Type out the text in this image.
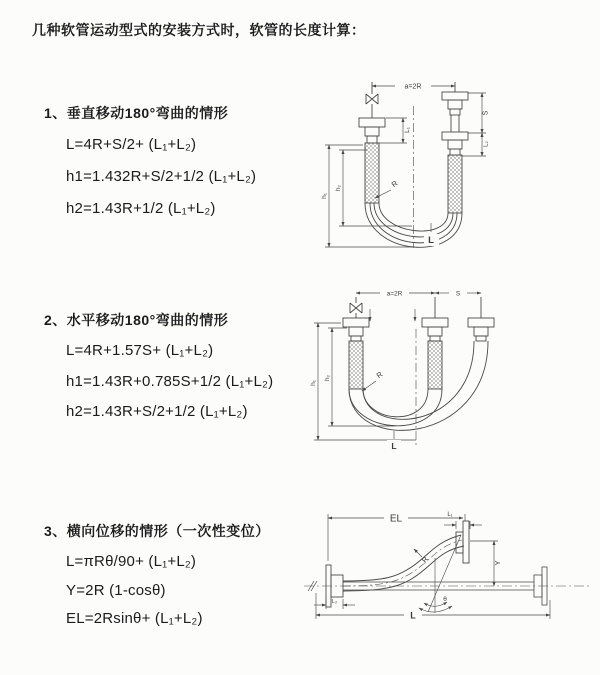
几种软管运动型式的安装方式时，软管的长度计算：
1、垂直移动180°弯曲的情形
L=4R+S/2+ (L₁+L₂)
h1=1.432R+S/2+1/2 (L₁+L₂)
h2=1.43R+1/2 (L₁+L₂)
a=2R
L₁
S
L₂
h₁
h₂	R
L
2、水平移动180°弯曲的情形
L=4R+1.57S+ (L₁+L₂)
h1=1.43R+0.785S+1/2 (L₁+L₂)
h2=1.43R+S/2+1/2 (L₁+L₂)
a=2R	S
h₁
h₂	R
L
3、横向位移的情形（一次性变位）
L=πRθ/90+ (L₁+L₂)
Y=2R (1-cosθ)
EL=2Rsinθ+ (L₁+L₂)
EL	L₁
Y
R
θ
L₂
L
